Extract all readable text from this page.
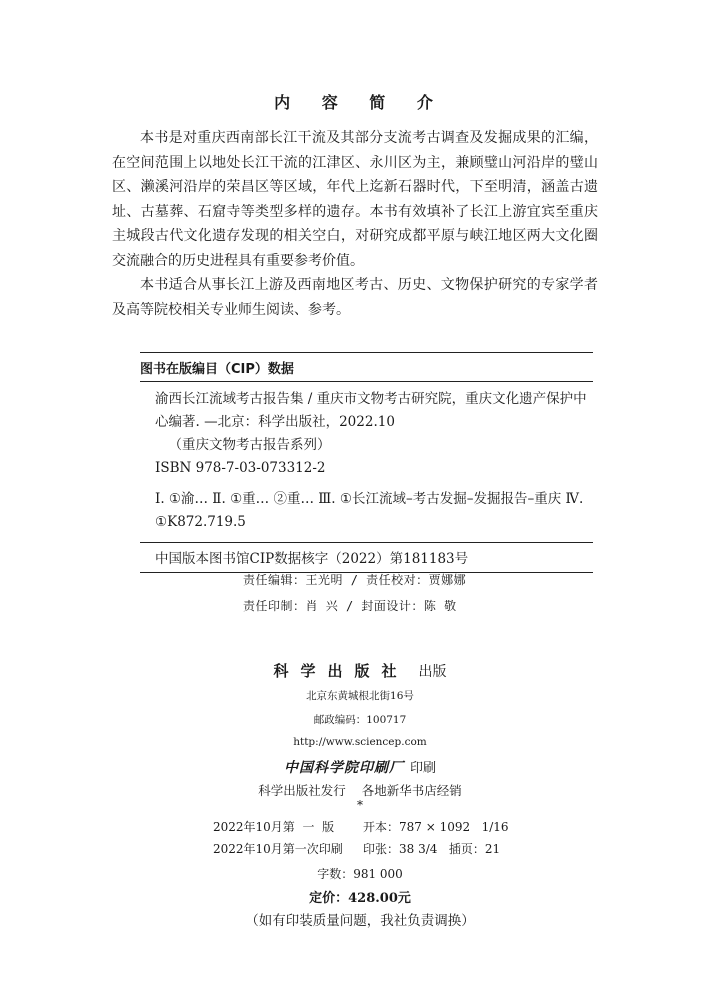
内 容 简 介

本书是对重庆西南部长江干流及其部分支流考古调查及发掘成果的汇编，在空间范围上以地处长江干流的江津区、永川区为主，兼顾璧山河沿岸的璧山区、濑溪河沿岸的荣昌区等区域，年代上迄新石器时代，下至明清，涵盖古遗址、古墓葬、石窟寺等类型多样的遗存。本书有效填补了长江上游宜宾至重庆主城段古代文化遗存发现的相关空白，对研究成都平原与峡江地区两大文化圈交流融合的历史进程具有重要参考价值。

本书适合从事长江上游及西南地区考古、历史、文物保护研究的专家学者及高等院校相关专业师生阅读、参考。

图书在版编目（CIP）数据
渝西长江流域考古报告集 / 重庆市文物考古研究院，重庆文化遗产保护中心编著. —北京：科学出版社，2022.10
（重庆文物考古报告系列）
ISBN 978-7-03-073312-2
Ⅰ. ①渝… Ⅱ. ①重… ②重… Ⅲ. ①长江流域–考古发掘–发掘报告–重庆 Ⅳ. ①K872.719.5
中国版本图书馆CIP数据核字（2022）第181183号
责任编辑：王光明 / 责任校对：贾娜娜
责任印制：肖 兴 / 封面设计：陈 敬
科学出版社 出版
北京东黄城根北街16号
邮政编码：100717
http://www.sciencep.com
中国科学院印刷厂 印刷
科学出版社发行    各地新华书店经销
*
2022年10月第  一  版 开本：787 × 1092   1/16
2022年10月第一次印刷 印张：38 3/4   插页：21
字数：981 000
定价：428.00元
（如有印装质量问题，我社负责调换）
